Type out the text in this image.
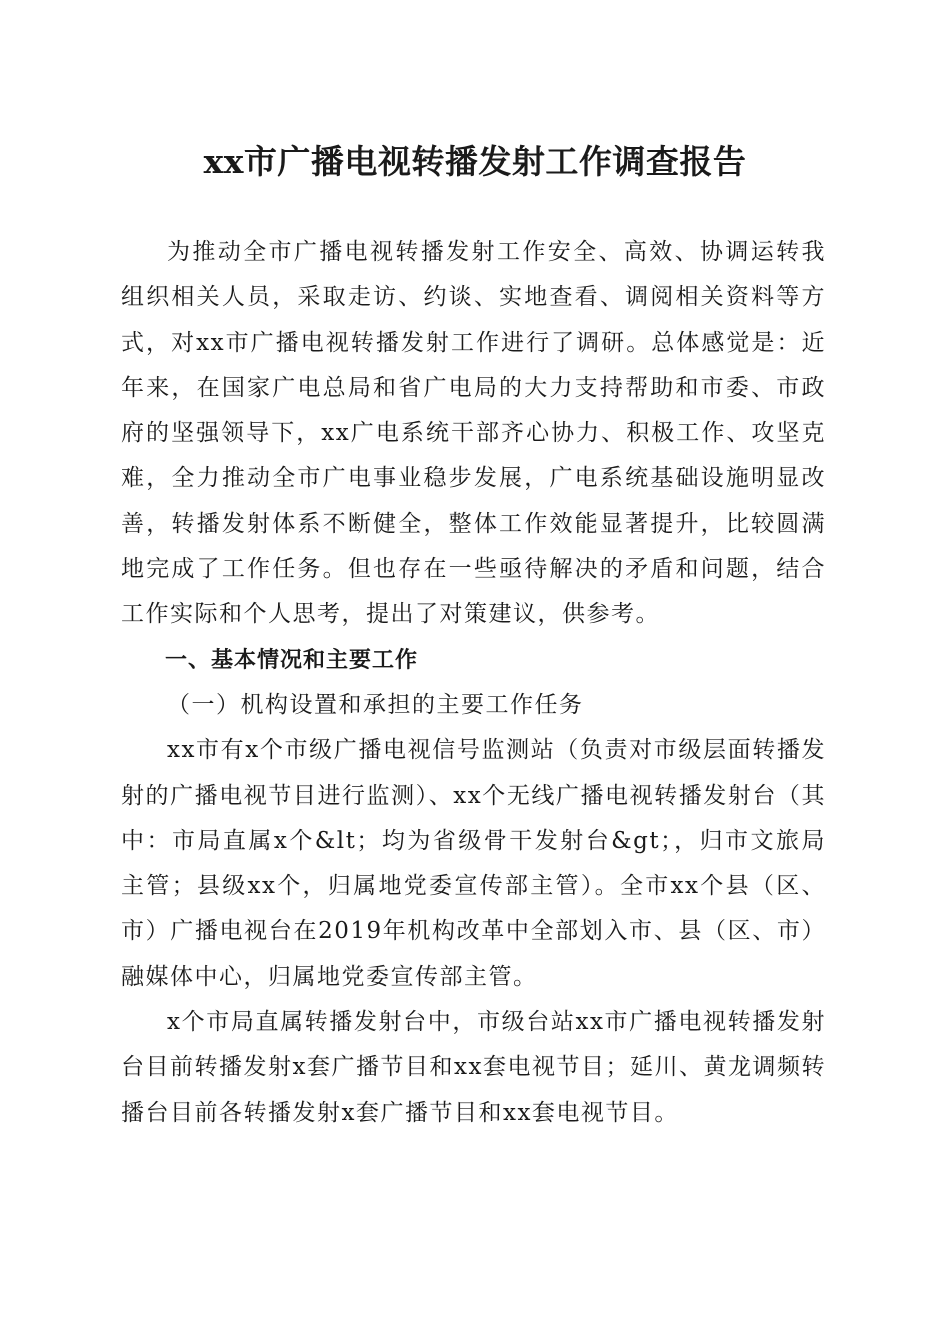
xx市广播电视转播发射工作调查报告

为推动全市广播电视转播发射工作安全、高效、协调运转我组织相关人员，采取走访、约谈、实地查看、调阅相关资料等方式，对xx市广播电视转播发射工作进行了调研。总体感觉是：近年来，在国家广电总局和省广电局的大力支持帮助和市委、市政府的坚强领导下，xx广电系统干部齐心协力、积极工作、攻坚克难，全力推动全市广电事业稳步发展，广电系统基础设施明显改善，转播发射体系不断健全，整体工作效能显著提升，比较圆满地完成了工作任务。但也存在一些亟待解决的矛盾和问题，结合工作实际和个人思考，提出了对策建议，供参考。

一、基本情况和主要工作

（一）机构设置和承担的主要工作任务

xx市有x个市级广播电视信号监测站（负责对市级层面转播发射的广播电视节目进行监测）、xx个无线广播电视转播发射台（其中：市局直属x个&lt；均为省级骨干发射台&gt；，归市文旅局主管；县级xx个，归属地党委宣传部主管）。全市xx个县（区、市）广播电视台在2019年机构改革中全部划入市、县（区、市）融媒体中心，归属地党委宣传部主管。

x个市局直属转播发射台中，市级台站xx市广播电视转播发射台目前转播发射x套广播节目和xx套电视节目；延川、黄龙调频转播台目前各转播发射x套广播节目和xx套电视节目。
